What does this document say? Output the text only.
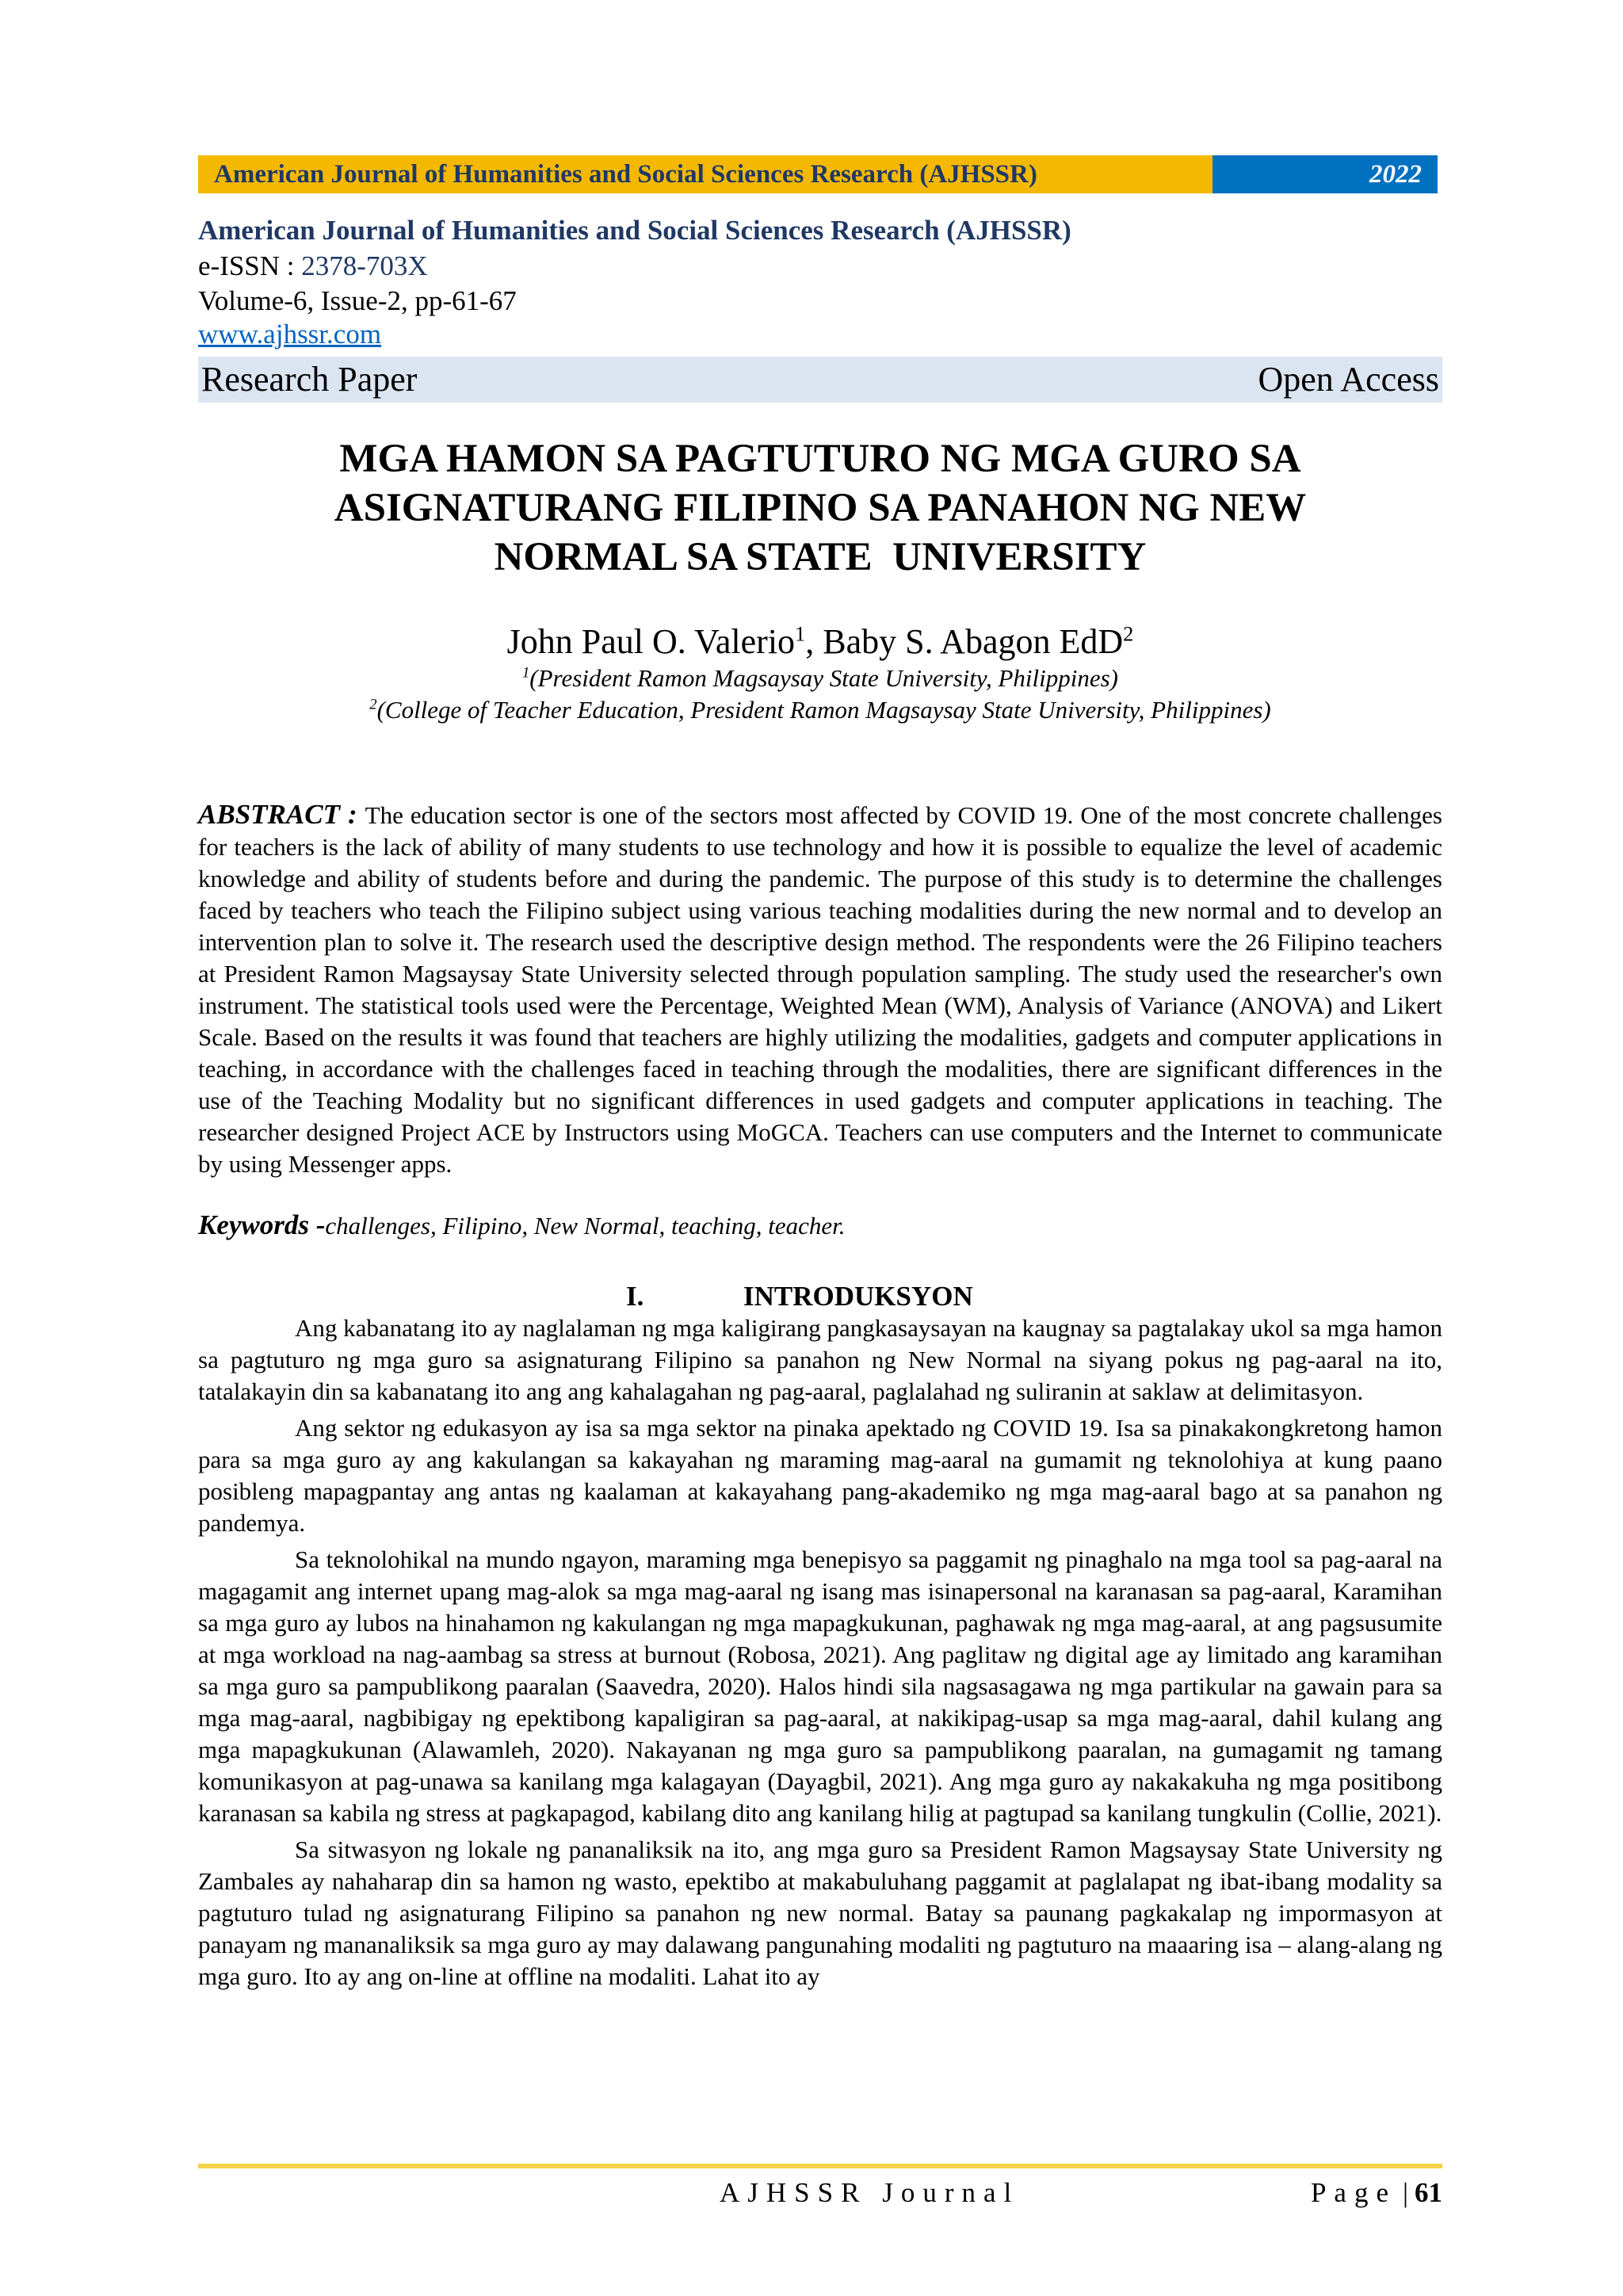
American Journal of Humanities and Social Sciences Research (AJHSSR)	2022
American Journal of Humanities and Social Sciences Research (AJHSSR)
e-ISSN : 2378-703X
Volume-6, Issue-2, pp-61-67
www.ajhssr.com
Research Paper	Open Access
MGA HAMON SA PAGTUTURO NG MGA GURO SA
ASIGNATURANG FILIPINO SA PANAHON NG NEW
NORMAL SA STATE  UNIVERSITY
John Paul O. Valerio$^1$, Baby S. Abagon EdD$^2$
$^1$(President Ramon Magsaysay State University, Philippines)
$^2$(College of Teacher Education, President Ramon Magsaysay State University, Philippines)
ABSTRACT : The education sector is one of the sectors most affected by COVID 19. One of the most concrete challenges for teachers is the lack of ability of many students to use technology and how it is possible to equalize the level of academic knowledge and ability of students before and during the pandemic. The purpose of this study is to determine the challenges faced by teachers who teach the Filipino subject using various teaching modalities during the new normal and to develop an intervention plan to solve it. The research used the descriptive design method. The respondents were the 26 Filipino teachers at President Ramon Magsaysay State University selected through population sampling. The study used the researcher's own instrument. The statistical tools used were the Percentage, Weighted Mean (WM), Analysis of Variance (ANOVA) and Likert Scale. Based on the results it was found that teachers are highly utilizing the modalities, gadgets and computer applications in teaching, in accordance with the challenges faced in teaching through the modalities, there are significant differences in the use of the Teaching Modality but no significant differences in used gadgets and computer applications in teaching. The researcher designed Project ACE by Instructors using MoGCA. Teachers can use computers and the Internet to communicate by using Messenger apps.
Keywords -challenges, Filipino, New Normal, teaching, teacher.
I.	INTRODUKSYON

Ang kabanatang ito ay naglalaman ng mga kaligirang pangkasaysayan na kaugnay sa pagtalakay ukol sa mga hamon sa pagtuturo ng mga guro sa asignaturang Filipino sa panahon ng New Normal na siyang pokus ng pag-aaral na ito, tatalakayin din sa kabanatang ito ang ang kahalagahan ng pag-aaral, paglalahad ng suliranin at saklaw at delimitasyon.

Ang sektor ng edukasyon ay isa sa mga sektor na pinaka apektado ng COVID 19. Isa sa pinakakongkretong hamon para sa mga guro ay ang kakulangan sa kakayahan ng maraming mag-aaral na gumamit ng teknolohiya at kung paano posibleng mapagpantay ang antas ng kaalaman at kakayahang pang-akademiko ng mga mag-aaral bago at sa panahon ng pandemya.

Sa teknolohikal na mundo ngayon, maraming mga benepisyo sa paggamit ng pinaghalo na mga tool sa pag-aaral na magagamit ang internet upang mag-alok sa mga mag-aaral ng isang mas isinapersonal na karanasan sa pag-aaral, Karamihan sa mga guro ay lubos na hinahamon ng kakulangan ng mga mapagkukunan, paghawak ng mga mag-aaral, at ang pagsusumite at mga workload na nag-aambag sa stress at burnout (Robosa, 2021). Ang paglitaw ng digital age ay limitado ang karamihan sa mga guro sa pampublikong paaralan (Saavedra, 2020). Halos hindi sila nagsasagawa ng mga partikular na gawain para sa mga mag-aaral, nagbibigay ng epektibong kapaligiran sa pag-aaral, at nakikipag-usap sa mga mag-aaral, dahil kulang ang mga mapagkukunan (Alawamleh, 2020). Nakayanan ng mga guro sa pampublikong paaralan, na gumagamit ng tamang komunikasyon at pag-unawa sa kanilang mga kalagayan (Dayagbil, 2021). Ang mga guro ay nakakakuha ng mga positibong karanasan sa kabila ng stress at pagkapagod, kabilang dito ang kanilang hilig at pagtupad sa kanilang tungkulin (Collie, 2021).

Sa sitwasyon ng lokale ng pananaliksik na ito, ang mga guro sa President Ramon Magsaysay State University ng Zambales ay nahaharap din sa hamon ng wasto, epektibo at makabuluhang paggamit at paglalapat ng ibat-ibang modality sa pagtuturo tulad ng asignaturang Filipino sa panahon ng new normal. Batay sa paunang pagkakalap ng impormasyon at panayam ng mananaliksik sa mga guro ay may dalawang pangunahing modaliti ng pagtuturo na maaaring isa – alang-alang ng mga guro. Ito ay ang on-line at offline na modaliti. Lahat ito ay

AJHSSR Journal	Page | 61
